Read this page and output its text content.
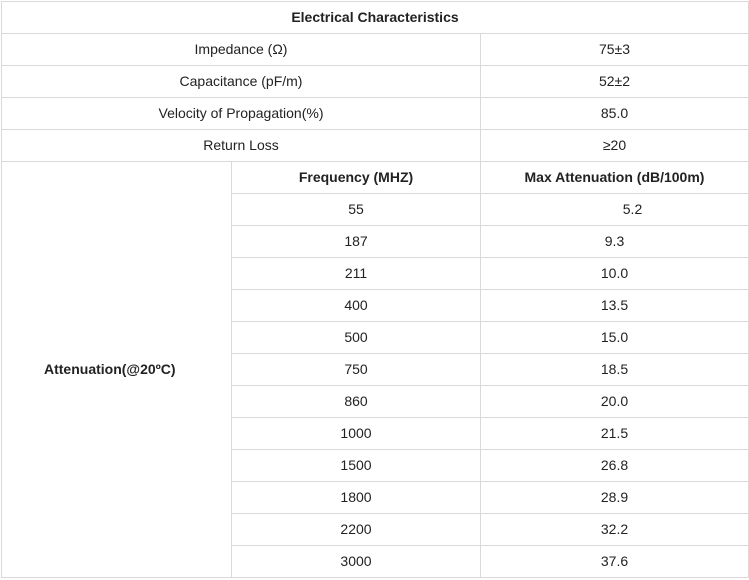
Electrical Characteristics		
Impedance (Ω)		75±3
Capacitance (pF/m)		52±2
Velocity of Propagation(%)		85.0
Return Loss		≥20
Attenuation(@20ºC)	Frequency (MHZ)	Max Attenuation (dB/100m)
	55	5.2
	187	9.3
	211	10.0
	400	13.5
	500	15.0
	750	18.5
	860	20.0
	1000	21.5
	1500	26.8
	1800	28.9
	2200	32.2
	3000	37.6
